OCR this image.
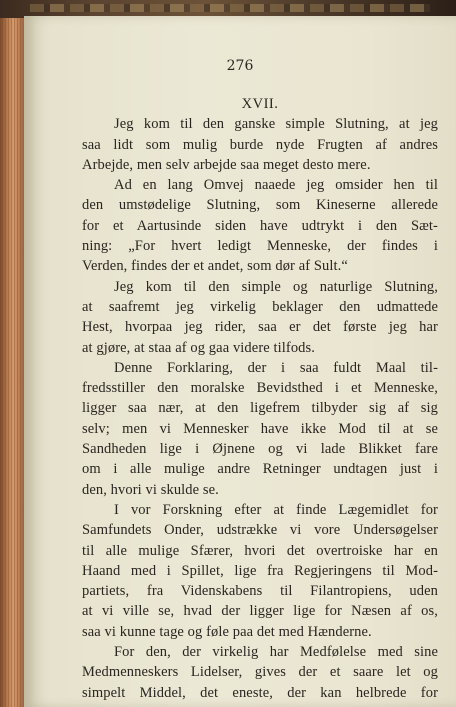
276
XVII.
Jeg kom til den ganske simple Slutning, at jeg
saa lidt som mulig burde nyde Frugten af andres
Arbejde, men selv arbejde saa meget desto mere.
Ad en lang Omvej naaede jeg omsider hen til
den umstødelige Slutning, som Kineserne allerede
for et Aartusinde siden have udtrykt i den Sæt-
ning: „For hvert ledigt Menneske, der findes i
Verden, findes der et andet, som dør af Sult.“
Jeg kom til den simple og naturlige Slutning,
at saafremt jeg virkelig beklager den udmattede
Hest, hvorpaa jeg rider, saa er det første jeg har
at gjøre, at staa af og gaa videre tilfods.
Denne Forklaring, der i saa fuldt Maal til-
fredsstiller den moralske Bevidsthed i et Menneske,
ligger saa nær, at den ligefrem tilbyder sig af sig
selv; men vi Mennesker have ikke Mod til at se
Sandheden lige i Øjnene og vi lade Blikket fare
om i alle mulige andre Retninger undtagen just i
den, hvori vi skulde se.
I vor Forskning efter at finde Lægemidlet for
Samfundets Onder, udstrække vi vore Undersøgelser
til alle mulige Sfærer, hvori det overtroiske har en
Haand med i Spillet, lige fra Regjeringens til Mod-
partiets, fra Videnskabens til Filantropiens, uden
at vi ville se, hvad der ligger lige for Næsen af os,
saa vi kunne tage og føle paa det med Hænderne.
For den, der virkelig har Medfølelse med sine
Medmenneskers Lidelser, gives der et saare let og
simpelt Middel, det eneste, der kan helbrede for
